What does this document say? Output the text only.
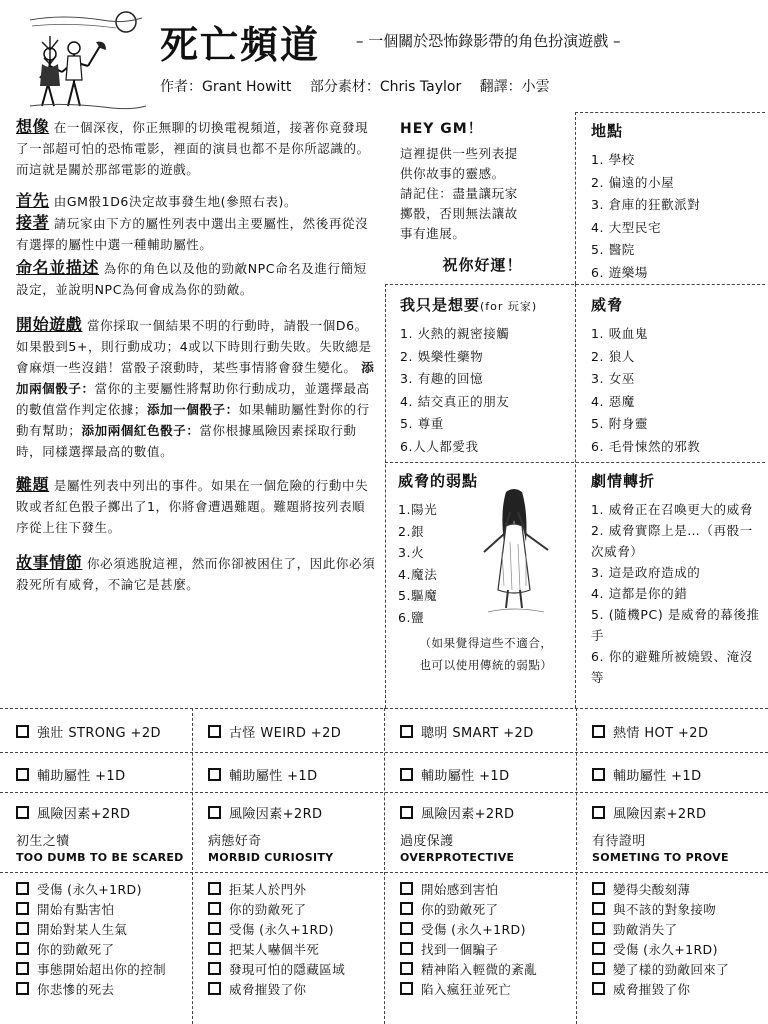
死亡頻道 – 一個關於恐怖錄影帶的角色扮演遊戲 –
作者：Grant Howitt　 部分素材：Chris Taylor　 翻譯：小雲
想像 在一個深夜，你正無聊的切換電視頻道，接著你竟發現了一部超可怕的恐怖電影，裡面的演員也都不是你所認識的。而這就是關於那部電影的遊戲。
首先 由GM骰1D6決定故事發生地(參照右表)。
接著 請玩家由下方的屬性列表中選出主要屬性，然後再從沒有選擇的屬性中選一種輔助屬性。
命名並描述 為你的角色以及他的勁敵NPC命名及進行簡短設定，並說明NPC為何會成為你的勁敵。
開始遊戲 當你採取一個結果不明的行動時，請骰一個D6。如果骰到5+，則行動成功；4或以下時則行動失敗。失敗總是會麻煩一些沒錯！當骰子滾動時，某些事情將會發生變化。 添加兩個骰子：當你的主要屬性將幫助你行動成功，並選擇最高的數值當作判定依據；添加一個骰子：如果輔助屬性對你的行動有幫助；添加兩個紅色骰子：當你根據風險因素採取行動時，同樣選擇最高的數值。
難題 是屬性列表中列出的事件。如果在一個危險的行動中失敗或者紅色骰子擲出了1，你將會遭遇難題。難題將按列表順序從上往下發生。
故事情節 你必須逃脫這裡，然而你卻被困住了，因此你必須殺死所有威脅，不論它是甚麼。
HEY GM！
這裡提供一些列表提
供你故事的靈感。
請記住：盡量讓玩家
擲骰，否則無法讓故
事有進展。
祝你好運！
地點
1. 學校
2. 偏遠的小屋
3. 倉庫的狂歡派對
4. 大型民宅
5. 醫院
6. 遊樂場
我只是想要(for 玩家)
1. 火熱的親密接觸
2. 娛樂性藥物
3. 有趣的回憶
4. 結交真正的朋友
5. 尊重
6.人人都愛我
威脅
1. 吸血鬼
2. 狼人
3. 女巫
4. 惡魔
5. 附身靈
6. 毛骨悚然的邪教
威脅的弱點
1.陽光
2.銀
3.火
4.魔法
5.驅魔
6.鹽
（如果覺得這些不適合，
也可以使用傳統的弱點）
劇情轉折
1. 威脅正在召喚更大的威脅
2. 威脅實際上是…（再骰一次威脅）
3. 這是政府造成的
4. 這都是你的錯
5. (隨機PC) 是威脅的幕後推手
6. 你的避難所被燒毀、淹沒等
強壯 STRONG +2D
輔助屬性 +1D
風險因素+2RD
初生之犢
TOO DUMB TO BE SCARED
受傷 (永久+1RD)
開始有點害怕
開始對某人生氣
你的勁敵死了
事態開始超出你的控制
你悲慘的死去
古怪 WEIRD +2D
輔助屬性 +1D
風險因素+2RD
病態好奇
MORBID CURIOSITY
拒某人於門外
你的勁敵死了
受傷 (永久+1RD)
把某人嚇個半死
發現可怕的隱藏區域
威脅摧毀了你
聰明 SMART +2D
輔助屬性 +1D
風險因素+2RD
過度保護
OVERPROTECTIVE
開始感到害怕
你的勁敵死了
受傷 (永久+1RD)
找到一個騙子
精神陷入輕微的紊亂
陷入瘋狂並死亡
熱情 HOT +2D
輔助屬性 +1D
風險因素+2RD
有待證明
SOMETING TO PROVE
變得尖酸刻薄
與不該的對象接吻
勁敵消失了
受傷 (永久+1RD)
變了樣的勁敵回來了
威脅摧毀了你
